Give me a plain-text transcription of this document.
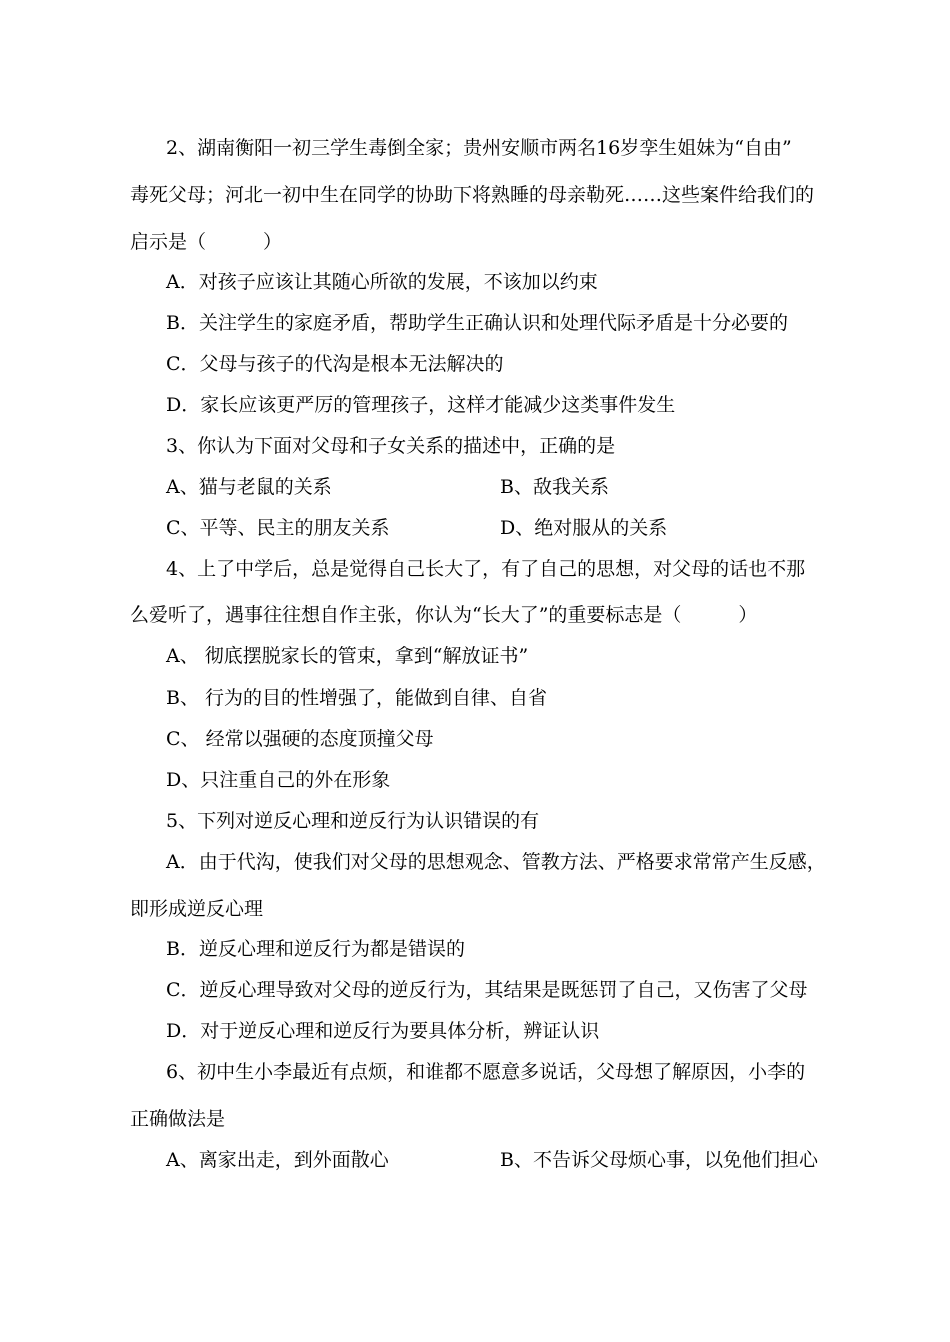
2、湖南衡阳一初三学生毒倒全家；贵州安顺市两名16岁孪生姐妹为“自由”
毒死父母；河北一初中生在同学的协助下将熟睡的母亲勒死……这些案件给我们的
启示是（　　　）
A．对孩子应该让其随心所欲的发展，不该加以约束
B．关注学生的家庭矛盾，帮助学生正确认识和处理代际矛盾是十分必要的
C．父母与孩子的代沟是根本无法解决的
D．家长应该更严厉的管理孩子，这样才能减少这类事件发生
3、你认为下面对父母和子女关系的描述中，正确的是
A、猫与老鼠的关系	B、敌我关系
C、平等、民主的朋友关系	D、绝对服从的关系
4、上了中学后，总是觉得自己长大了，有了自己的思想，对父母的话也不那
么爱听了，遇事往往想自作主张，你认为“长大了”的重要标志是（　　　）
A、 彻底摆脱家长的管束，拿到“解放证书”
B、 行为的目的性增强了，能做到自律、自省
C、 经常以强硬的态度顶撞父母
D、只注重自己的外在形象
5、下列对逆反心理和逆反行为认识错误的有
A．由于代沟，使我们对父母的思想观念、管教方法、严格要求常常产生反感，
即形成逆反心理
B．逆反心理和逆反行为都是错误的
C．逆反心理导致对父母的逆反行为，其结果是既惩罚了自己，又伤害了父母
D．对于逆反心理和逆反行为要具体分析，辨证认识
6、初中生小李最近有点烦，和谁都不愿意多说话，父母想了解原因，小李的
正确做法是
A、离家出走，到外面散心	B、不告诉父母烦心事，以免他们担心
